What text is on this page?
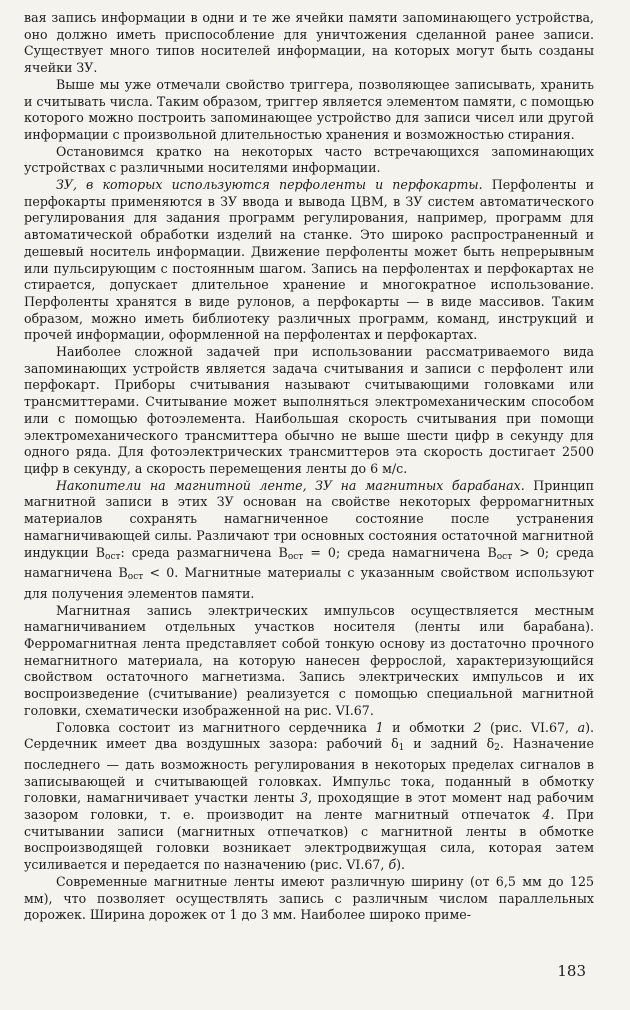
вая запись информации в одни и те же ячейки памяти запоминающего устройства, оно должно иметь приспособление для уничтожения сделанной ранее записи. Существует много типов носителей информации, на которых могут быть созданы ячейки ЗУ.

Выше мы уже отмечали свойство триггера, позволяющее записывать, хранить и считывать числа. Таким образом, триггер является элементом памяти, с помощью которого можно построить запоминающее устройство для записи чисел или другой информации с произвольной длительностью хранения и возможностью стирания.

Остановимся кратко на некоторых часто встречающихся запоминающих устройствах с различными носителями информации.

ЗУ, в которых используются перфоленты и перфокарты. Перфоленты и перфокарты применяются в ЗУ ввода и вывода ЦВМ, в ЗУ систем автоматического регулирования для задания программ регулирования, например, программ для автоматической обработки изделий на станке. Это широко распространенный и дешевый носитель информации. Движение перфоленты может быть непрерывным или пульсирующим с постоянным шагом. Запись на перфолентах и перфокартах не стирается, допускает длительное хранение и многократное использование. Перфоленты хранятся в виде рулонов, а перфокарты — в виде массивов. Таким образом, можно иметь библиотеку различных программ, команд, инструкций и прочей информации, оформленной на перфолентах и перфокартах.

Наиболее сложной задачей при использовании рассматриваемого вида запоминающих устройств является задача считывания и записи с перфолент или перфокарт. Приборы считывания называют считывающими головками или трансмиттерами. Считывание может выполняться электромеханическим способом или с помощью фотоэлемента. Наибольшая скорость считывания при помощи электромеханического трансмиттера обычно не выше шести цифр в секунду для одного ряда. Для фотоэлектрических трансмиттеров эта скорость достигает 2500 цифр в секунду, а скорость перемещения ленты до 6 м/с.

Накопители на магнитной ленте, ЗУ на магнитных барабанах. Принцип магнитной записи в этих ЗУ основан на свойстве некоторых ферромагнитных материалов сохранять намагниченное состояние после устранения намагничивающей силы. Различают три основных состояния остаточной магнитной индукции $B_{ост}$: среда размагничена $B_{ост} = 0$; среда намагничена $B_{ост} > 0$; среда намагничена $B_{ост} < 0$. Магнитные материалы с указанным свойством используют для получения элементов памяти.

Магнитная запись электрических импульсов осуществляется местным намагничиванием отдельных участков носителя (ленты или барабана). Ферромагнитная лента представляет собой тонкую основу из достаточно прочного немагнитного материала, на которую нанесен феррослой, характеризующийся свойством остаточного магнетизма. Запись электрических импульсов и их воспроизведение (считывание) реализуется с помощью специальной магнитной головки, схематически изображенной на рис. VI.67.

Головка состоит из магнитного сердечника 1 и обмотки 2 (рис. VI.67, а). Сердечник имеет два воздушных зазора: рабочий $\delta_1$ и задний $\delta_2$. Назначение последнего — дать возможность регулирования в некоторых пределах сигналов в записывающей и считывающей головках. Импульс тока, поданный в обмотку головки, намагничивает участки ленты 3, проходящие в этот момент над рабочим зазором головки, т. е. производит на ленте магнитный отпечаток 4. При считывании записи (магнитных отпечатков) с магнитной ленты в обмотке воспроизводящей головки возникает электродвижущая сила, которая затем усиливается и передается по назначению (рис. VI.67, б).

Современные магнитные ленты имеют различную ширину (от 6,5 мм до 125 мм), что позволяет осуществлять запись с различным числом параллельных дорожек. Ширина дорожек от 1 до 3 мм. Наиболее широко приме-

183
